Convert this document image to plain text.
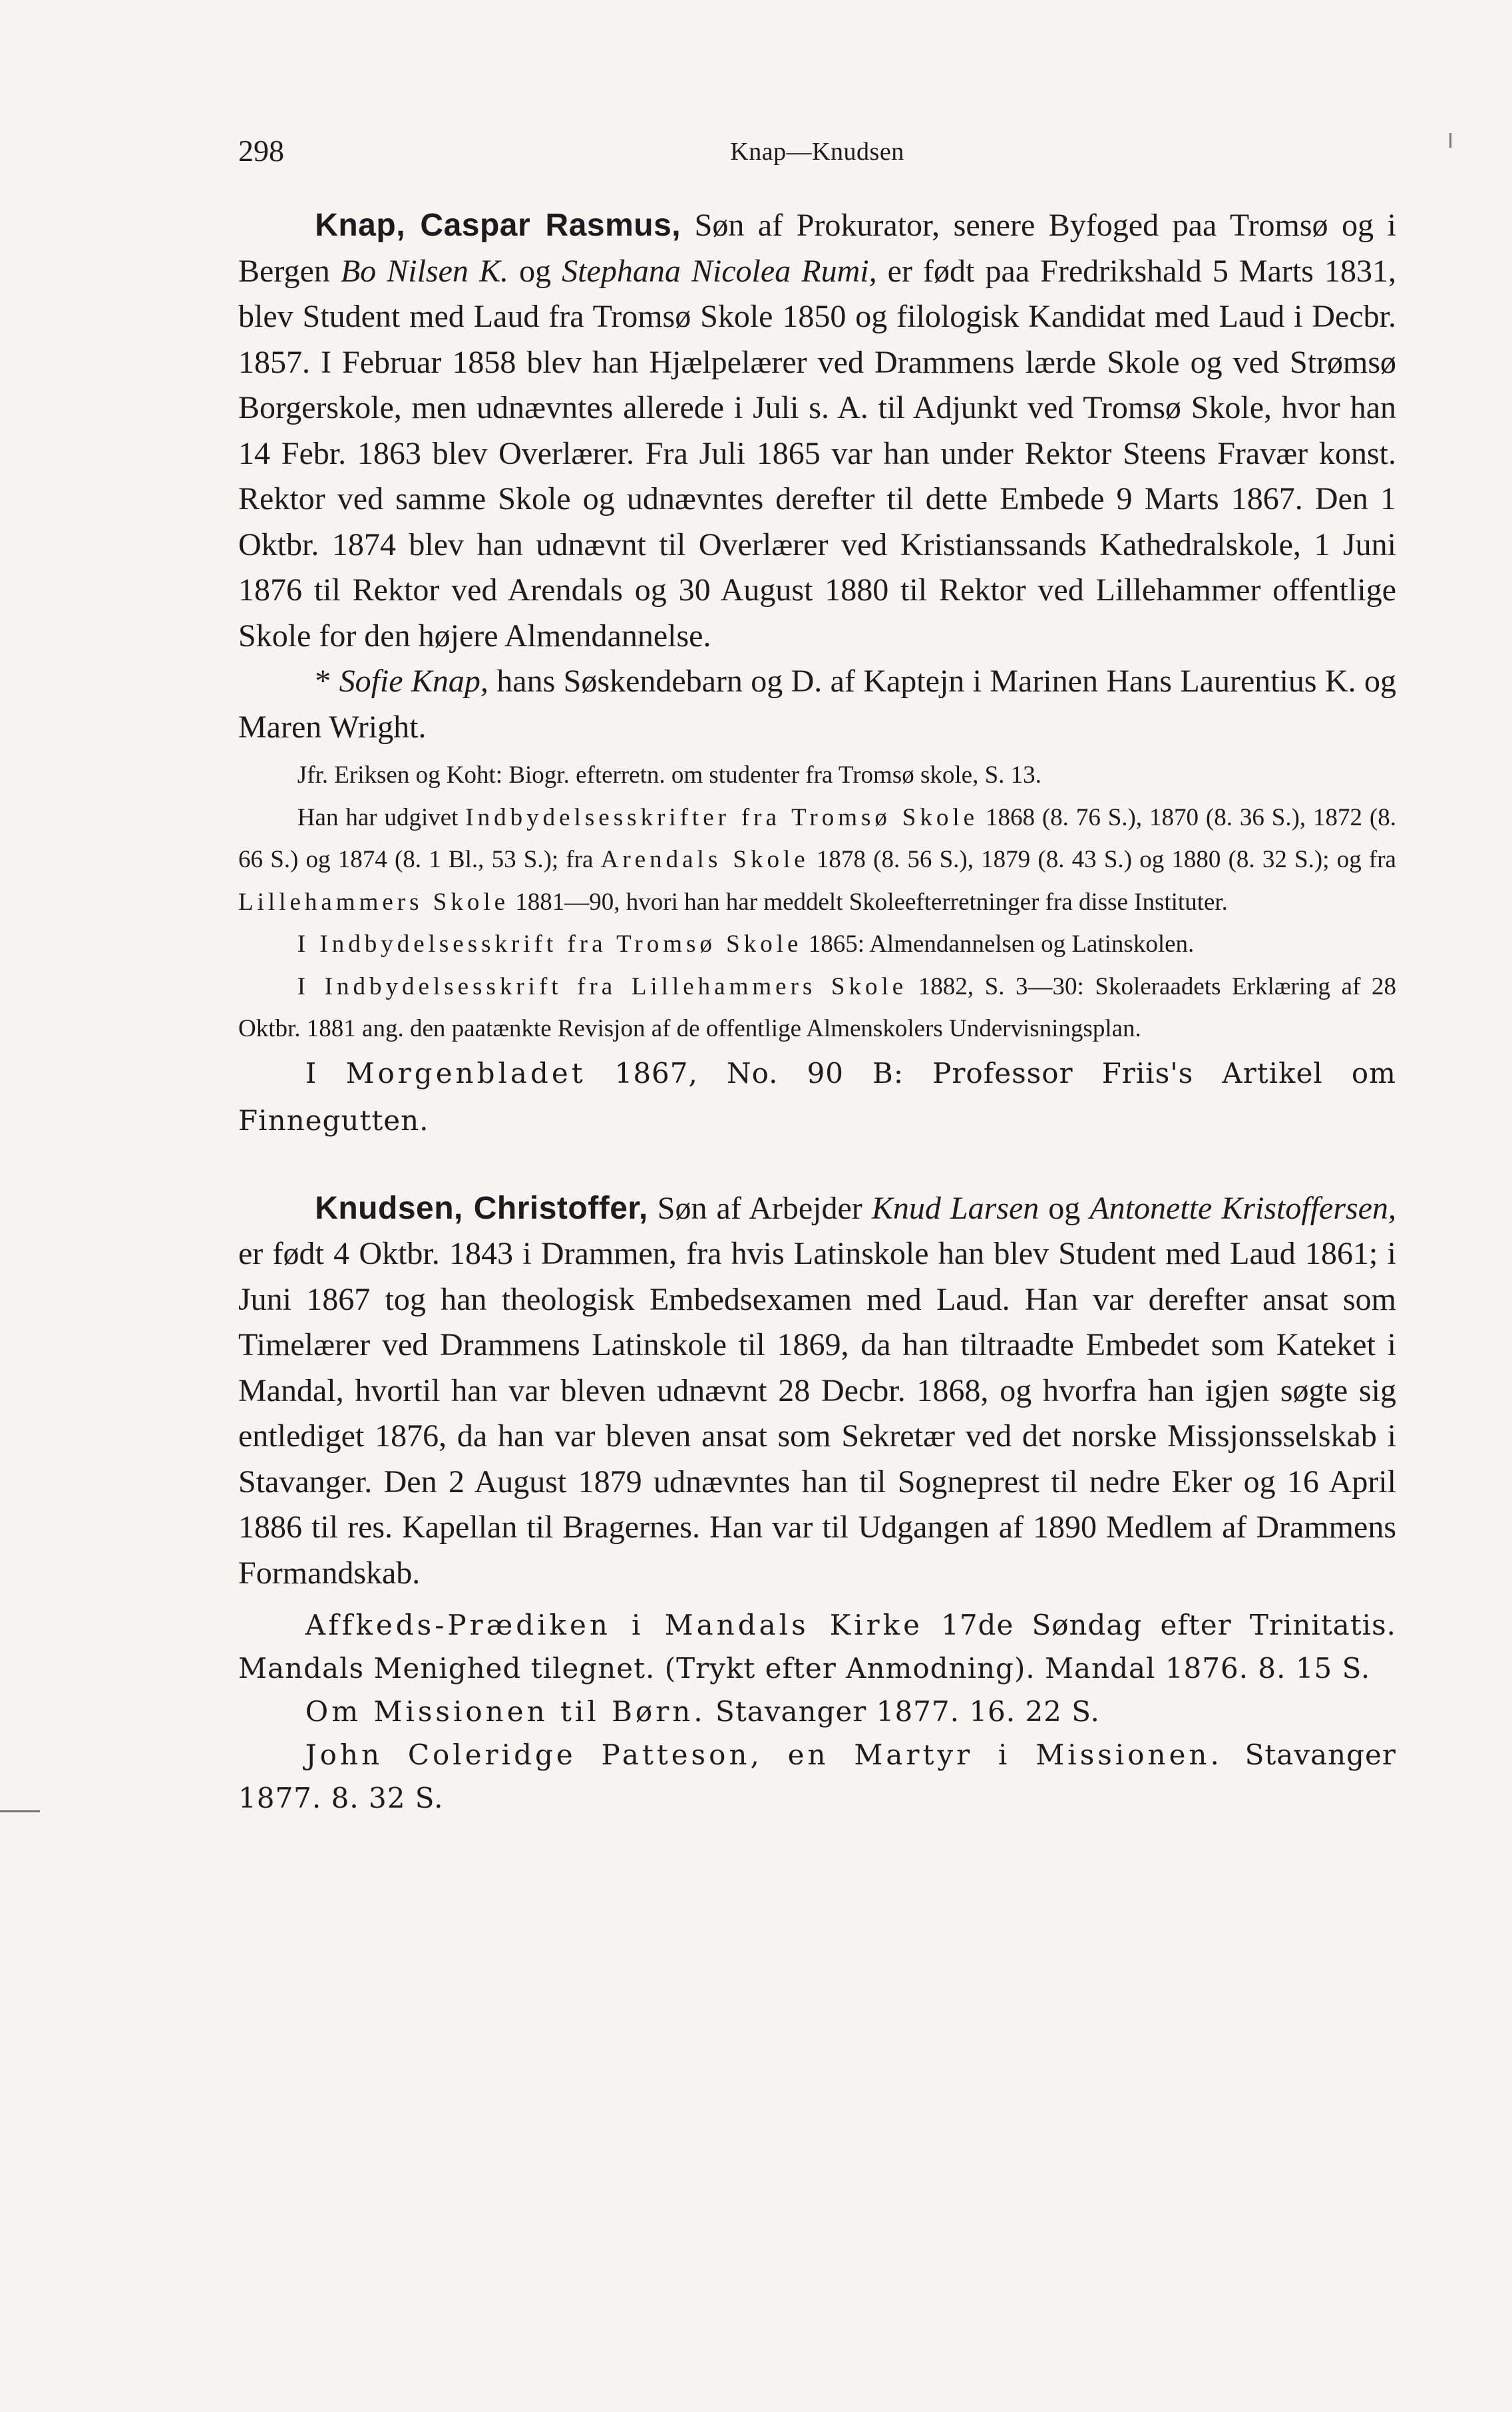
298	Knap—Knudsen

Knap, Caspar Rasmus, Søn af Prokurator, senere Byfoged paa Tromsø og i Bergen Bo Nilsen K. og Stephana Nicolea Rumi, er født paa Fredrikshald 5 Marts 1831, blev Student med Laud fra Tromsø Skole 1850 og filologisk Kandidat med Laud i Decbr. 1857. I Februar 1858 blev han Hjælpelærer ved Drammens lærde Skole og ved Strømsø Borgerskole, men udnævntes allerede i Juli s. A. til Adjunkt ved Tromsø Skole, hvor han 14 Febr. 1863 blev Overlærer. Fra Juli 1865 var han under Rektor Steens Fravær konst. Rektor ved samme Skole og udnævntes derefter til dette Embede 9 Marts 1867. Den 1 Oktbr. 1874 blev han udnævnt til Overlærer ved Kristianssands Kathedralskole, 1 Juni 1876 til Rektor ved Arendals og 30 August 1880 til Rektor ved Lillehammer offentlige Skole for den højere Almendannelse.

* Sofie Knap, hans Søskendebarn og D. af Kaptejn i Marinen Hans Laurentius K. og Maren Wright.

Jfr. Eriksen og Koht: Biogr. efterretn. om studenter fra Tromsø skole, S. 13.

Han har udgivet Indbydelsesskrifter fra Tromsø Skole 1868 (8. 76 S.), 1870 (8. 36 S.), 1872 (8. 66 S.) og 1874 (8. 1 Bl., 53 S.); fra Arendals Skole 1878 (8. 56 S.), 1879 (8. 43 S.) og 1880 (8. 32 S.); og fra Lillehammers Skole 1881—90, hvori han har meddelt Skoleefterretninger fra disse Instituter.

I Indbydelsesskrift fra Tromsø Skole 1865: Almendannelsen og Latinskolen.

I Indbydelsesskrift fra Lillehammers Skole 1882, S. 3—30: Skoleraadets Erklæring af 28 Oktbr. 1881 ang. den paatænkte Revisjon af de offentlige Almenskolers Undervisningsplan.

I Morgenbladet 1867, No. 90 B: Professor Friis's Artikel om Finnegutten.

Knudsen, Christoffer, Søn af Arbejder Knud Larsen og Antonette Kristoffersen, er født 4 Oktbr. 1843 i Drammen, fra hvis Latinskole han blev Student med Laud 1861; i Juni 1867 tog han theologisk Embedsexamen med Laud. Han var derefter ansat som Timelærer ved Drammens Latinskole til 1869, da han tiltraadte Embedet som Kateket i Mandal, hvortil han var bleven udnævnt 28 Decbr. 1868, og hvorfra han igjen søgte sig entlediget 1876, da han var bleven ansat som Sekretær ved det norske Missjonsselskab i Stavanger. Den 2 August 1879 udnævntes han til Sogneprest til nedre Eker og 16 April 1886 til res. Kapellan til Bragernes. Han var til Udgangen af 1890 Medlem af Drammens Formandskab.

Affkeds-Prædiken i Mandals Kirke 17de Søndag efter Trinitatis. Mandals Menighed tilegnet. (Trykt efter Anmodning). Mandal 1876. 8. 15 S.

Om Missionen til Børn. Stavanger 1877. 16. 22 S.

John Coleridge Patteson, en Martyr i Missionen. Stavanger 1877. 8. 32 S.
